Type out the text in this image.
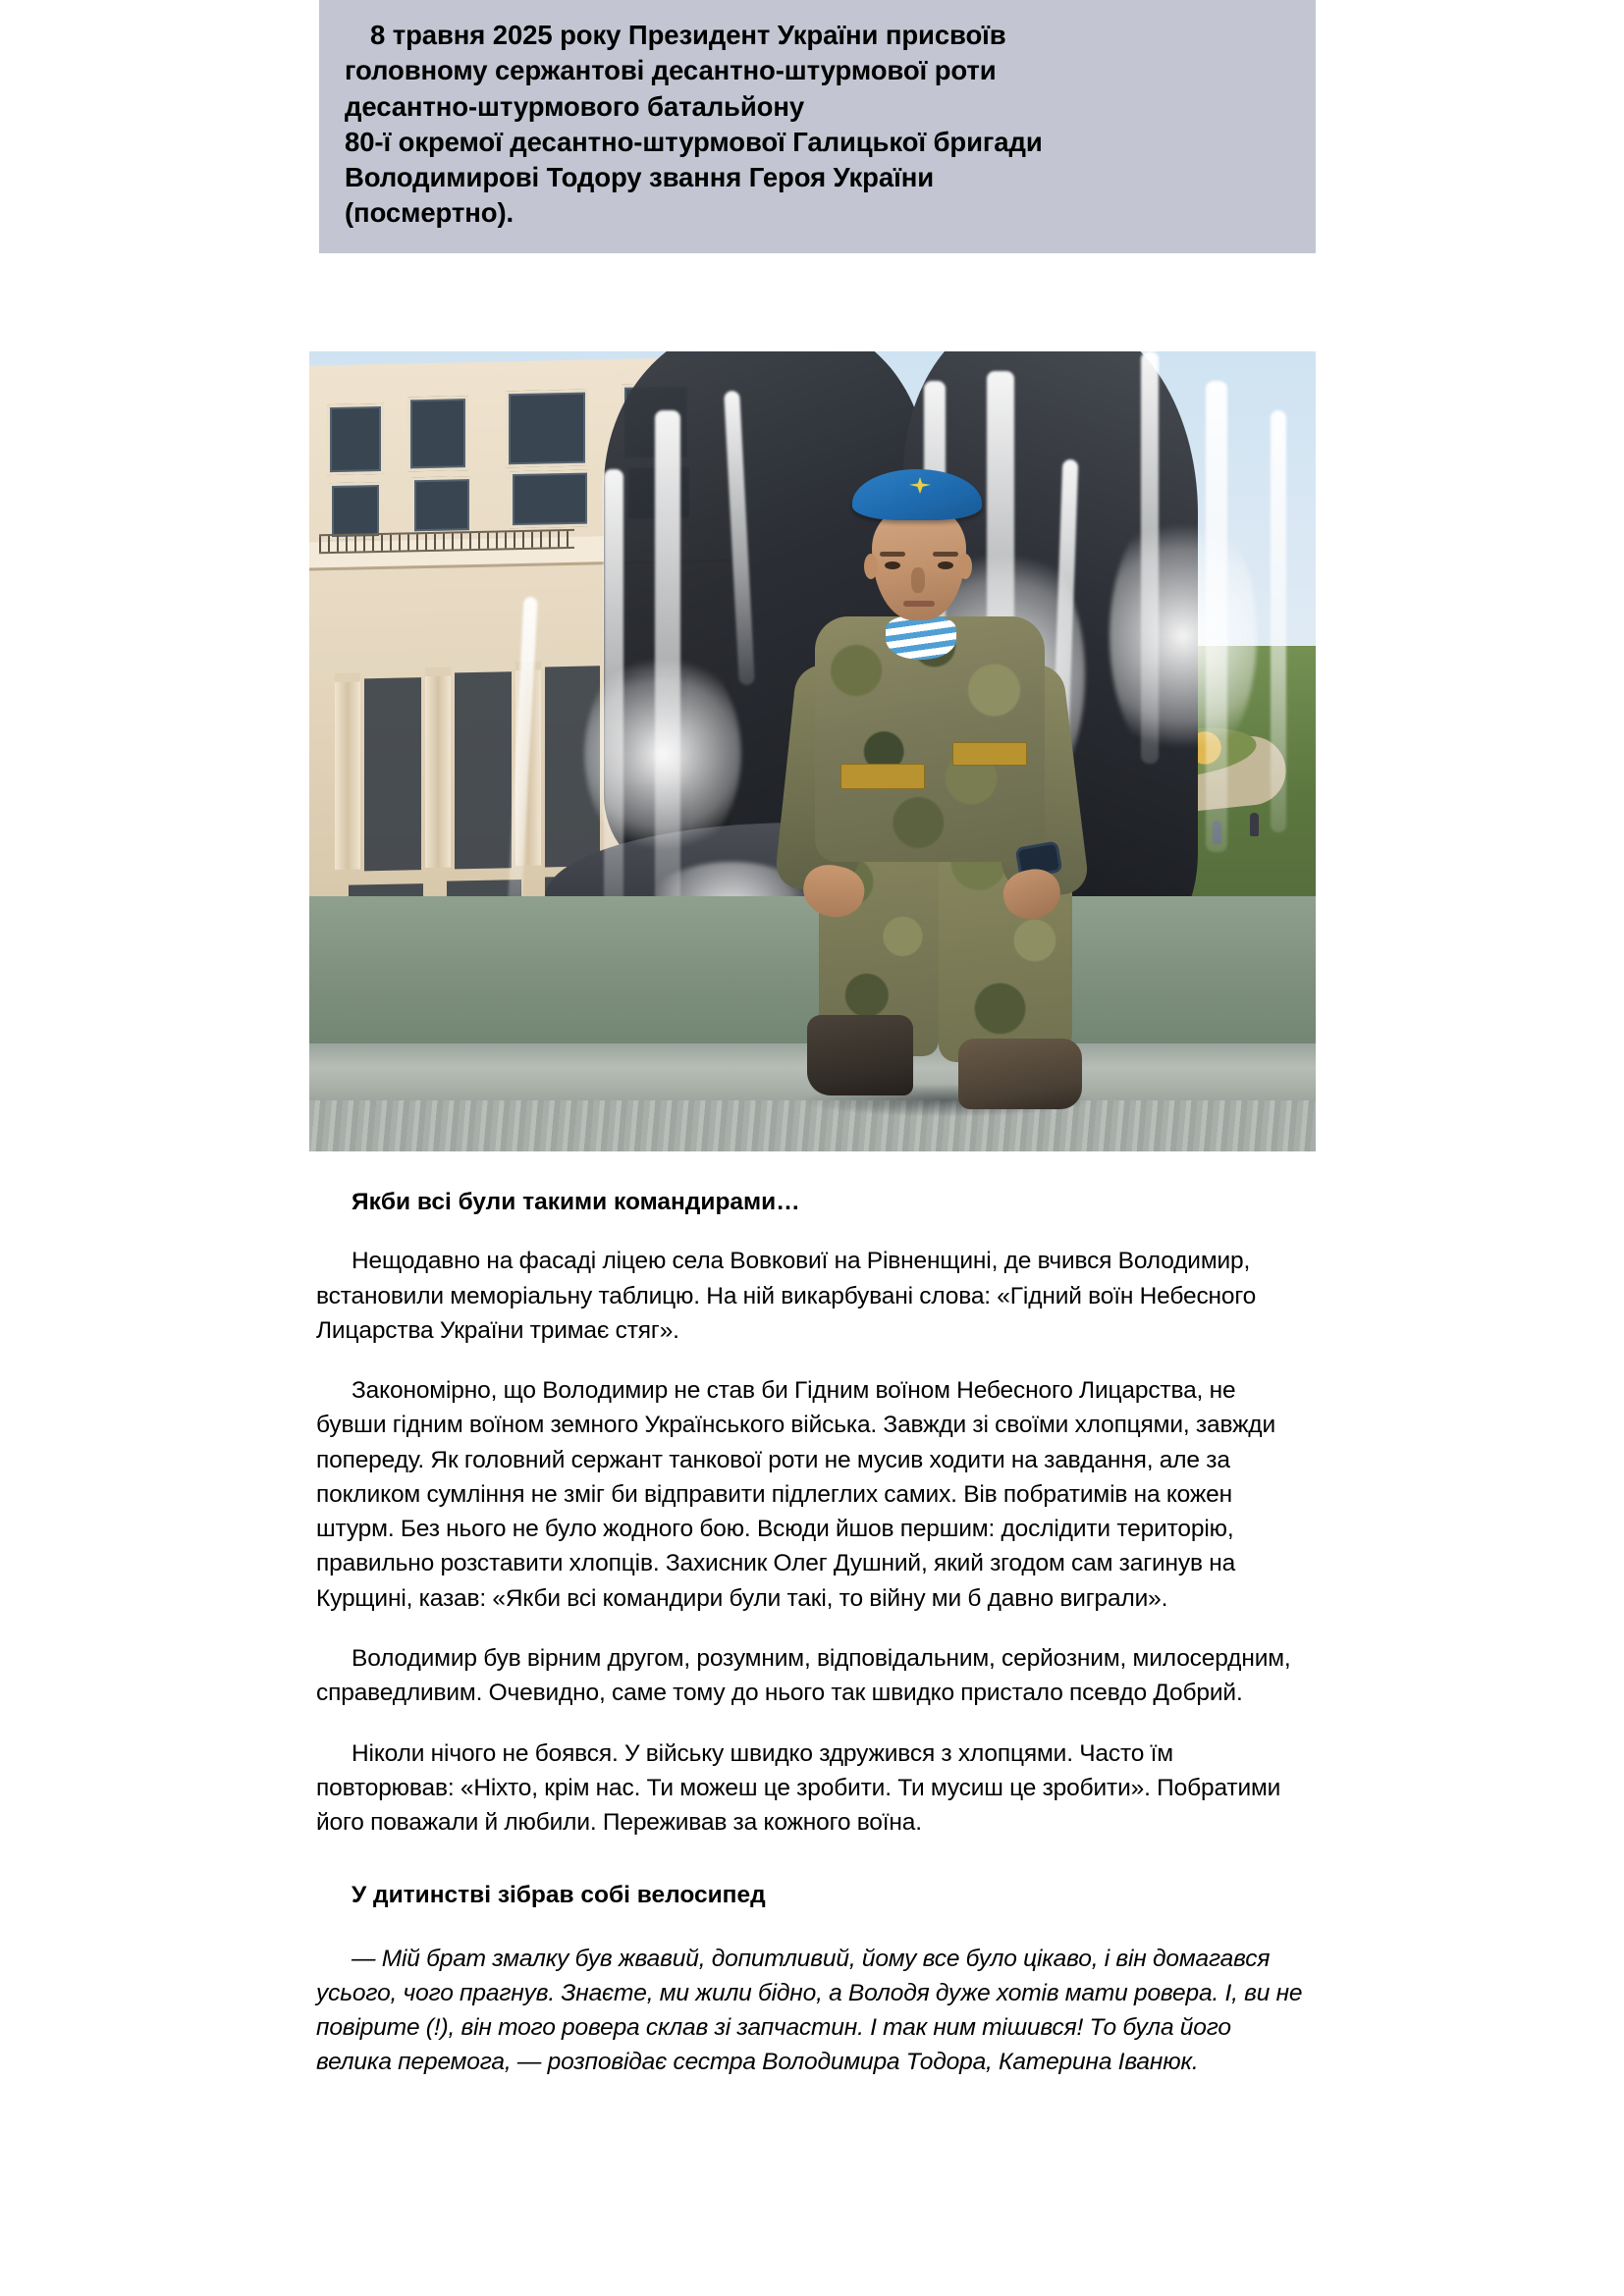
8 травня 2025 року Президент України присвоїв
головному сержантові десантно-штурмової роти
десантно-штурмового батальйону
80-ї окремої десантно-штурмової Галицької бригади
Володимирові Тодору звання Героя України
(посмертно).
Якби всі були такими командирами…

Нещодавно на фасаді ліцею села Вовковиї на Рівненщині, де вчився Володимир, встановили меморіальну таблицю. На ній викарбувані слова: «Гідний воїн Небесного Лицарства України тримає стяг».

Закономірно, що Володимир не став би Гідним воїном Небесного Лицарства, не бувши гідним воїном земного Українського війська. Завжди зі своїми хлопцями, завжди попереду. Як головний сержант танкової роти не мусив ходити на завдання, але за покликом сумління не зміг би відправити підлеглих самих. Вів побратимів на кожен штурм. Без нього не було жодного бою. Всюди йшов першим: дослідити територію, правильно розставити хлопців. Захисник Олег Душний, який згодом сам загинув на Курщині, казав: «Якби всі командири були такі, то війну ми б давно виграли».

Володимир був вірним другом, розумним, відповідальним, серйозним, милосердним, справедливим. Очевидно, саме тому до нього так швидко пристало псевдо Добрий.

Ніколи нічого не боявся. У війську швидко здружився з хлопцями. Часто їм повторював: «Ніхто, крім нас. Ти можеш це зробити. Ти мусиш це зробити». Побратими його поважали й любили. Переживав за кожного воїна.

У дитинстві зібрав собі велосипед

— Мій брат змалку був жвавий, допитливий, йому все було цікаво, і він домагався усього, чого прагнув. Знаєте, ми жили бідно, а Володя дуже хотів мати ровера. І, ви не повірите (!), він того ровера склав зі запчастин. І так ним тішився! То була його велика перемога, — розповідає сестра Володимира Тодора, Катерина Іванюк.
